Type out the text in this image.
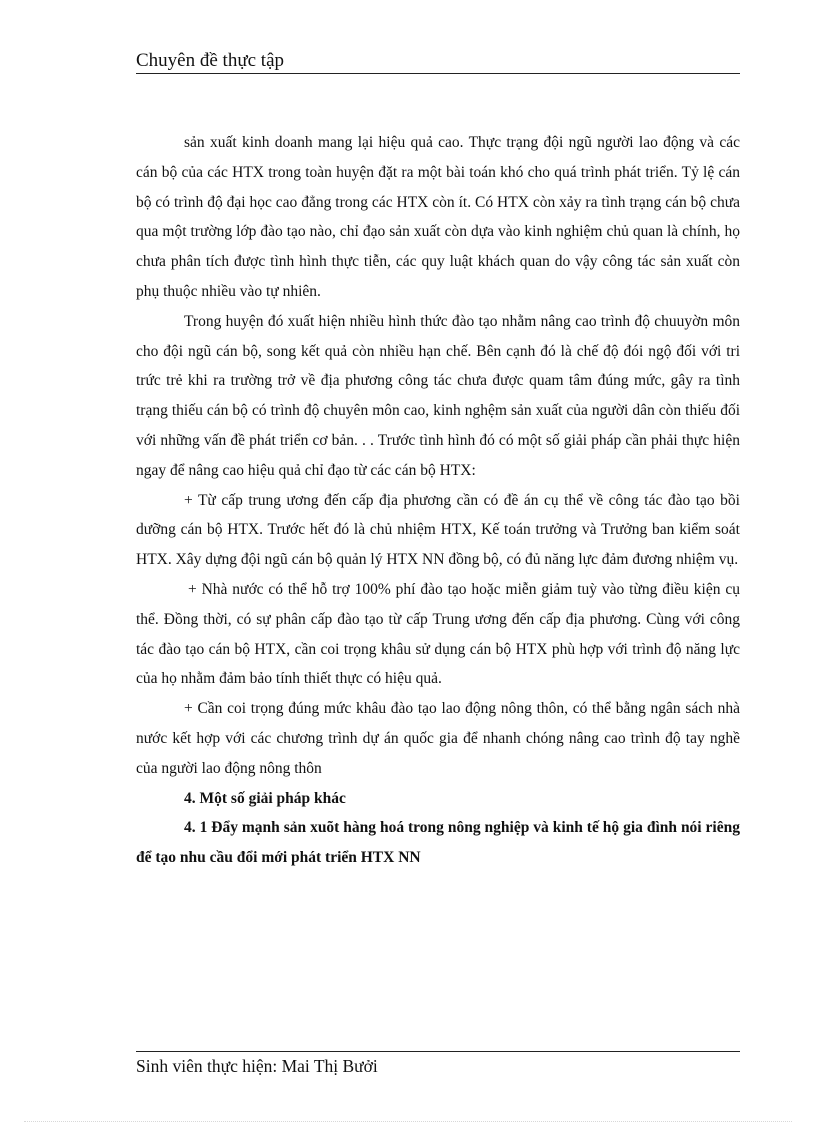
Chuyên đề thực tập

sản xuất kinh doanh mang lại hiệu quả cao. Thực trạng đội ngũ người lao động và các cán bộ của các HTX trong toàn huyện đặt ra một bài toán khó cho quá trình phát triển. Tỷ lệ cán bộ có trình độ đại học cao đẳng trong các HTX còn ít. Có HTX còn xảy ra tình trạng cán bộ chưa qua một trường lớp đào tạo nào, chỉ đạo sản xuất còn dựa vào kinh nghiệm chủ quan là chính, họ chưa phân tích được tình hình thực tiễn, các quy luật khách quan do vậy công tác sản xuất còn phụ thuộc nhiều vào tự nhiên.

Trong huyện đó xuất hiện nhiều hình thức đào tạo nhằm nâng cao trình độ chuuyờn môn cho đội ngũ cán bộ, song kết quả còn nhiều hạn chế. Bên cạnh đó là chế độ đói ngộ đối với tri trức trẻ khi ra trường trở về địa phương công tác chưa được quam tâm đúng mức, gây ra tình trạng thiếu cán bộ có trình độ chuyên môn cao, kinh nghệm sản xuất của người dân còn thiếu đối với những vấn đề phát triển cơ bản. . . Trước tình hình đó có một số giải pháp cần phải thực hiện ngay để nâng cao hiệu quả chỉ đạo từ các cán bộ HTX:

+ Từ cấp trung ương đến cấp địa phương cần có đề án cụ thể về công tác đào tạo bồi dưỡng cán bộ HTX. Trước hết đó là chủ nhiệm HTX, Kế toán trưởng và Trưởng ban kiểm soát HTX. Xây dựng đội ngũ cán bộ quản lý HTX NN đồng bộ, có đủ năng lực đảm đương nhiệm vụ.

+ Nhà nước có thể hỗ trợ 100% phí đào tạo hoặc miễn giảm tuỳ vào từng điều kiện cụ thể. Đồng thời, có sự phân cấp đào tạo từ cấp Trung ương đến cấp địa phương. Cùng với công tác đào tạo cán bộ HTX, cần coi trọng khâu sử dụng cán bộ HTX phù hợp với trình độ năng lực của họ nhằm đảm bảo tính thiết thực có hiệu quả.

+ Cần coi trọng đúng mức khâu đào tạo lao động nông thôn, có thể bằng ngân sách nhà nước kết hợp với các chương trình dự án quốc gia để nhanh chóng nâng cao trình độ tay nghề của người lao động nông thôn

4. Một số giải pháp khác

4. 1 Đẩy mạnh sản xuõt hàng hoá trong nông nghiệp và kinh tế hộ gia đình nói riêng để tạo nhu cầu đổi mới phát triển HTX NN

Sinh viên thực hiện: Mai Thị Bưởi
